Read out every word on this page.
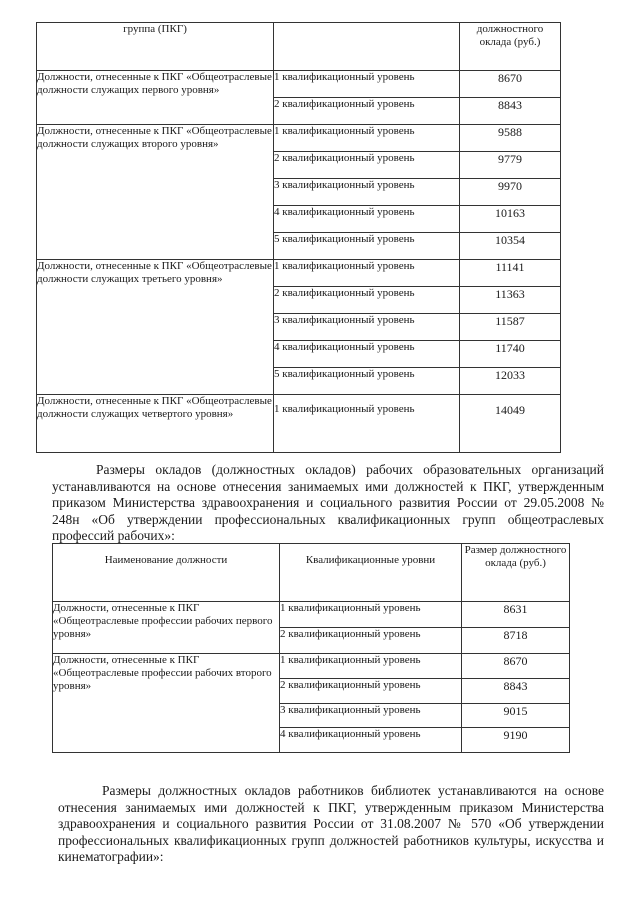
группа (ПКГ)		должностного оклада (руб.)
Должности, отнесенные к ПКГ «Общеотраслевые должности служащих первого уровня»	1 квалификационный уровень	8670
	2 квалификационный уровень	8843
Должности, отнесенные к ПКГ «Общеотраслевые должности служащих второго уровня»	1 квалификационный уровень	9588
	2 квалификационный уровень	9779
	3 квалификационный уровень	9970
	4 квалификационный уровень	10163
	5 квалификационный уровень	10354
Должности, отнесенные к ПКГ «Общеотраслевые должности служащих третьего уровня»	1 квалификационный уровень	11141
	2 квалификационный уровень	11363
	3 квалификационный уровень	11587
	4 квалификационный уровень	11740
	5 квалификационный уровень	12033
Должности, отнесенные к ПКГ «Общеотраслевые должности служащих четвертого уровня»	1 квалификационный уровень	14049

Размеры окладов (должностных окладов) рабочих образовательных организаций устанавливаются на основе отнесения занимаемых ими должностей к ПКГ, утвержденным приказом Министерства здравоохранения и социального развития России от 29.05.2008 № 248н «Об утверждении профессиональных квалификационных групп общеотраслевых профессий рабочих»:

Наименование должности	Квалификационные уровни	Размер должностного оклада (руб.)
Должности, отнесенные к ПКГ «Общеотраслевые профессии рабочих первого уровня»	1 квалификационный уровень	8631
	2 квалификационный уровень	8718
Должности, отнесенные к ПКГ «Общеотраслевые профессии рабочих второго уровня»	1 квалификационный уровень	8670
	2 квалификационный уровень	8843
	3 квалификационный уровень	9015
	4 квалификационный уровень	9190

Размеры должностных окладов работников библиотек устанавливаются на основе отнесения занимаемых ими должностей к ПКГ, утвержденным приказом Министерства здравоохранения и социального развития России от 31.08.2007 № 570 «Об утверждении профессиональных квалификационных групп должностей работников культуры, искусства и кинематографии»:
